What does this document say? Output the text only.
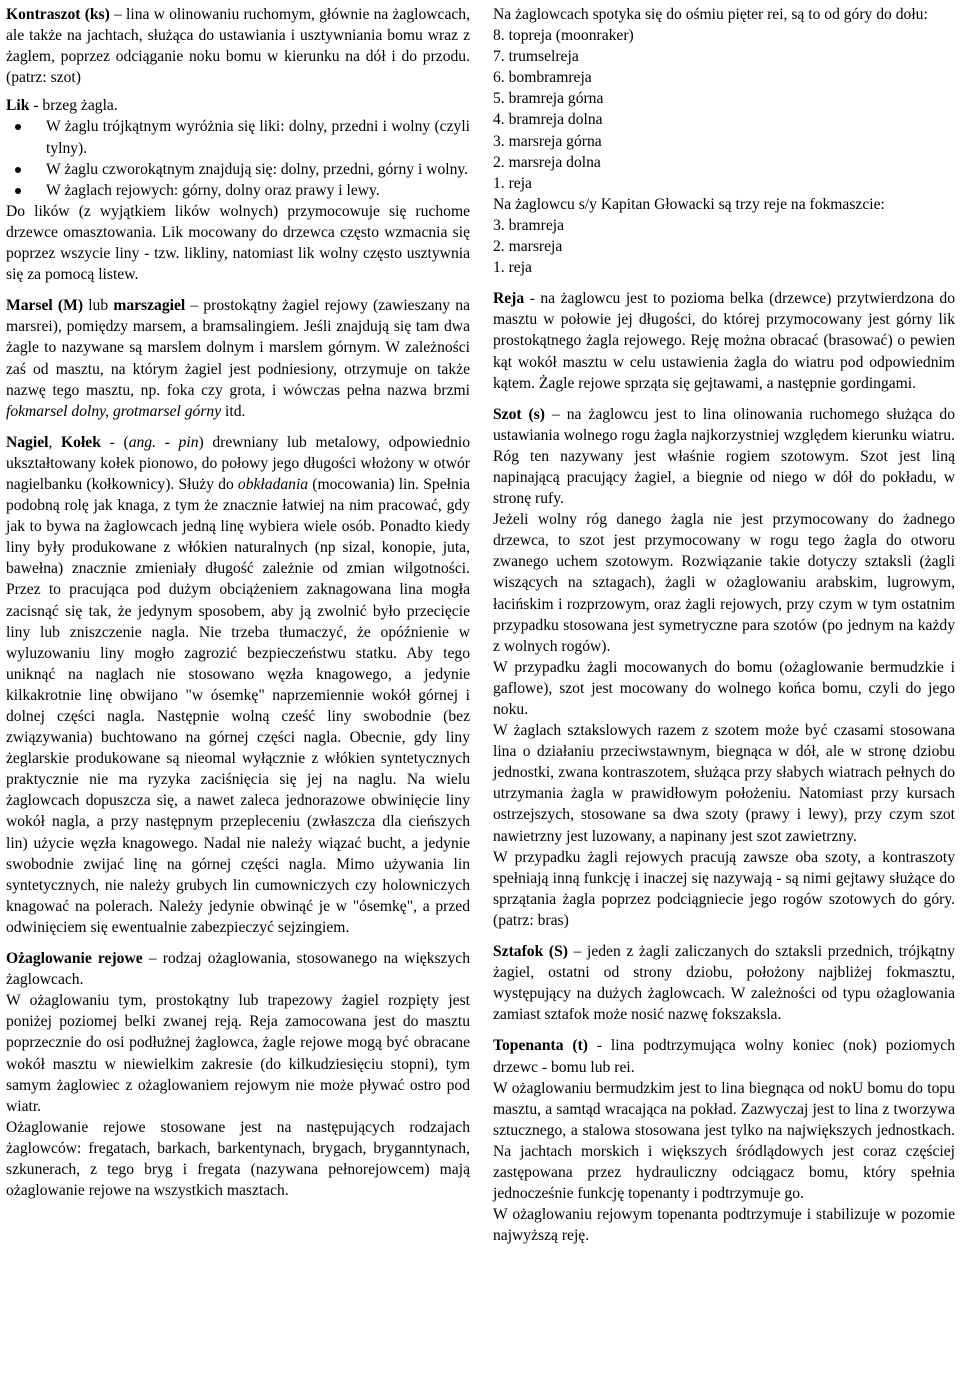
Kontraszot (ks) – lina w olinowaniu ruchomym, głównie na żaglowcach, ale także na jachtach, służąca do ustawiania i usztywniania bomu wraz z żaglem, poprzez odciąganie noku bomu w kierunku na dół i do przodu. (patrz: szot)

Lik - brzeg żagla.

W żaglu trójkątnym wyróżnia się liki: dolny, przedni i wolny (czyli tylny).
W żaglu czworokątnym znajdują się: dolny, przedni, górny i wolny.
W żaglach rejowych: górny, dolny oraz prawy i lewy.

Do lików (z wyjątkiem lików wolnych) przymocowuje się ruchome drzewce omasztowania. Lik mocowany do drzewca często wzmacnia się poprzez wszycie liny - tzw. likliny, natomiast lik wolny często usztywnia się za pomocą listew.

Marsel (M) lub marszagiel – prostokątny żagiel rejowy (zawieszany na marsrei), pomiędzy marsem, a bramsalingiem. Jeśli znajdują się tam dwa żagle to nazywane są marslem dolnym i marslem górnym. W zależności zaś od masztu, na którym żagiel jest podniesiony, otrzymuje on także nazwę tego masztu, np. foka czy grota, i wówczas pełna nazwa brzmi fokmarsel dolny, grotmarsel górny itd.

Nagiel, Kołek - (ang. - pin) drewniany lub metalowy, odpowiednio ukształtowany kołek pionowo, do połowy jego długości włożony w otwór nagielbanku (kołkownicy). Służy do obkładania (mocowania) lin. Spełnia podobną rolę jak knaga, z tym że znacznie łatwiej na nim pracować, gdy jak to bywa na żaglowcach jedną linę wybiera wiele osób. Ponadto kiedy liny były produkowane z włókien naturalnych (np sizal, konopie, juta, bawełna) znacznie zmieniały długość zależnie od zmian wilgotności. Przez to pracująca pod dużym obciążeniem zaknagowana lina mogła zacisnąć się tak, że jedynym sposobem, aby ją zwolnić było przecięcie liny lub zniszczenie nagla. Nie trzeba tłumaczyć, że opóźnienie w wyluzowaniu liny mogło zagrozić bezpieczeństwu statku. Aby tego uniknąć na naglach nie stosowano węzła knagowego, a jedynie kilkakrotnie linę obwijano "w ósemkę" naprzemiennie wokół górnej i dolnej części nagla. Następnie wolną cześć liny swobodnie (bez związywania) buchtowano na górnej części nagla. Obecnie, gdy liny żeglarskie produkowane są nieomal wyłącznie z włókien syntetycznych praktycznie nie ma ryzyka zaciśnięcia się jej na naglu. Na wielu żaglowcach dopuszcza się, a nawet zaleca jednorazowe obwinięcie liny wokół nagla, a przy następnym przepleceniu (zwłaszcza dla cieńszych lin) użycie węzła knagowego. Nadal nie należy wiązać bucht, a jedynie swobodnie zwijać linę na górnej części nagla. Mimo używania lin syntetycznych, nie należy grubych lin cumowniczych czy holowniczych knagować na polerach. Należy jedynie obwinąć je w "ósemkę", a przed odwinięciem się ewentualnie zabezpieczyć sejzingiem.

Ożaglowanie rejowe – rodzaj ożaglowania, stosowanego na większych żaglowcach.

W ożaglowaniu tym, prostokątny lub trapezowy żagiel rozpięty jest poniżej poziomej belki zwanej reją. Reja zamocowana jest do masztu poprzecznie do osi podłużnej żaglowca, żagle rejowe mogą być obracane wokół masztu w niewielkim zakresie (do kilkudziesięciu stopni), tym samym żaglowiec z ożaglowaniem rejowym nie może pływać ostro pod wiatr.

Ożaglowanie rejowe stosowane jest na następujących rodzajach żaglowców: fregatach, barkach, barkentynach, brygach, bryganntynach, szkunerach, z tego bryg i fregata (nazywana pełnorejowcem) mają ożaglowanie rejowe na wszystkich masztach.

Na żaglowcach spotyka się do ośmiu pięter rei, są to od góry do dołu:

8. topreja (moonraker)
7. trumselreja
6. bombramreja
5. bramreja górna
4. bramreja dolna
3. marsreja górna
2. marsreja dolna
1. reja

Na żaglowcu s/y Kapitan Głowacki są trzy reje na fokmaszcie:

3. bramreja
2. marsreja
1. reja

Reja - na żaglowcu jest to pozioma belka (drzewce) przytwierdzona do masztu w połowie jej długości, do której przymocowany jest górny lik prostokątnego żagla rejowego. Reję można obracać (brasować) o pewien kąt wokół masztu w celu ustawienia żagla do wiatru pod odpowiednim kątem. Żagle rejowe sprząta się gejtawami, a następnie gordingami.

Szot (s) – na żaglowcu jest to lina olinowania ruchomego służąca do ustawiania wolnego rogu żagla najkorzystniej względem kierunku wiatru. Róg ten nazywany jest właśnie rogiem szotowym. Szot jest liną napinającą pracujący żagiel, a biegnie od niego w dół do pokładu, w stronę rufy.

Jeżeli wolny róg danego żagla nie jest przymocowany do żadnego drzewca, to szot jest przymocowany w rogu tego żagla do otworu zwanego uchem szotowym. Rozwiązanie takie dotyczy sztaksli (żagli wiszących na sztagach), żagli w ożaglowaniu arabskim, lugrowym, łacińskim i rozprzowym, oraz żagli rejowych, przy czym w tym ostatnim przypadku stosowana jest symetryczne para szotów (po jednym na każdy z wolnych rogów).

W przypadku żagli mocowanych do bomu (ożaglowanie bermudzkie i gaflowe), szot jest mocowany do wolnego końca bomu, czyli do jego noku.

W żaglach sztakslowych razem z szotem może być czasami stosowana lina o działaniu przeciwstawnym, biegnąca w dół, ale w stronę dziobu jednostki, zwana kontraszotem, służąca przy słabych wiatrach pełnych do utrzymania żagla w prawidłowym położeniu. Natomiast przy kursach ostrzejszych, stosowane sa dwa szoty (prawy i lewy), przy czym szot nawietrzny jest luzowany, a napinany jest szot zawietrzny.

W przypadku żagli rejowych pracują zawsze oba szoty, a kontraszoty spełniają inną funkcję i inaczej się nazywają - są nimi gejtawy służące do sprzątania żagla poprzez podciągniecie jego rogów szotowych do góry. (patrz: bras)

Sztafok (S) – jeden z żagli zaliczanych do sztaksli przednich, trójkątny żagiel, ostatni od strony dziobu, położony najbliżej fokmasztu, występujący na dużych żaglowcach. W zależności od typu ożaglowania zamiast sztafok może nosić nazwę fokszaksla.

Topenanta (t) - lina podtrzymująca wolny koniec (nok) poziomych drzewc - bomu lub rei.

W ożaglowaniu bermudzkim jest to lina biegnąca od nokU bomu do topu masztu, a samtąd wracająca na pokład. Zazwyczaj jest to lina z tworzywa sztucznego, a stalowa stosowana jest tylko na największych jednostkach. Na jachtach morskich i większych śródlądowych jest coraz częściej zastępowana przez hydrauliczny odciągacz bomu, który spełnia jednocześnie funkcję topenanty i podtrzymuje go.

W ożaglowaniu rejowym topenanta podtrzymuje i stabilizuje w pozomie najwyższą reję.
